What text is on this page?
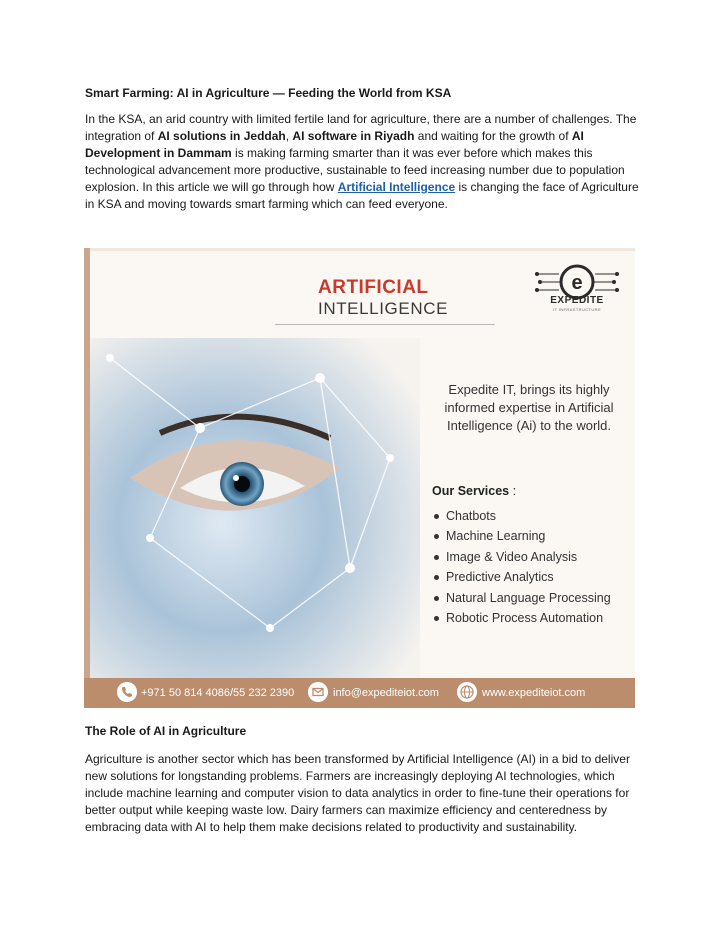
Smart Farming: AI in Agriculture — Feeding the World from KSA

In the KSA, an arid country with limited fertile land for agriculture, there are a number of challenges. The integration of AI solutions in Jeddah, AI software in Riyadh and waiting for the growth of AI Development in Dammam is making farming smarter than it was ever before which makes this technological advancement more productive, sustainable to feed increasing number due to population explosion. In this article we will go through how Artificial Intelligence is changing the face of Agriculture in KSA and moving towards smart farming which can feed everyone.

ARTIFICIAL
INTELLIGENCE
e
EXPEDITE
IT INFRASTRUCTURE
Expedite IT, brings its highly informed expertise in Artificial Intelligence (Ai) to the world.
Our Services :
Chatbots
Machine Learning
Image & Video Analysis
Predictive Analytics
Natural Language Processing
Robotic Process Automation
+971 50 814 4086/55 232 2390	info@expediteiot.com	www.expediteiot.com

The Role of AI in Agriculture

Agriculture is another sector which has been transformed by Artificial Intelligence (AI) in a bid to deliver new solutions for longstanding problems. Farmers are increasingly deploying AI technologies, which include machine learning and computer vision to data analytics in order to fine-tune their operations for better output while keeping waste low. Dairy farmers can maximize efficiency and centeredness by embracing data with AI to help them make decisions related to productivity and sustainability.
